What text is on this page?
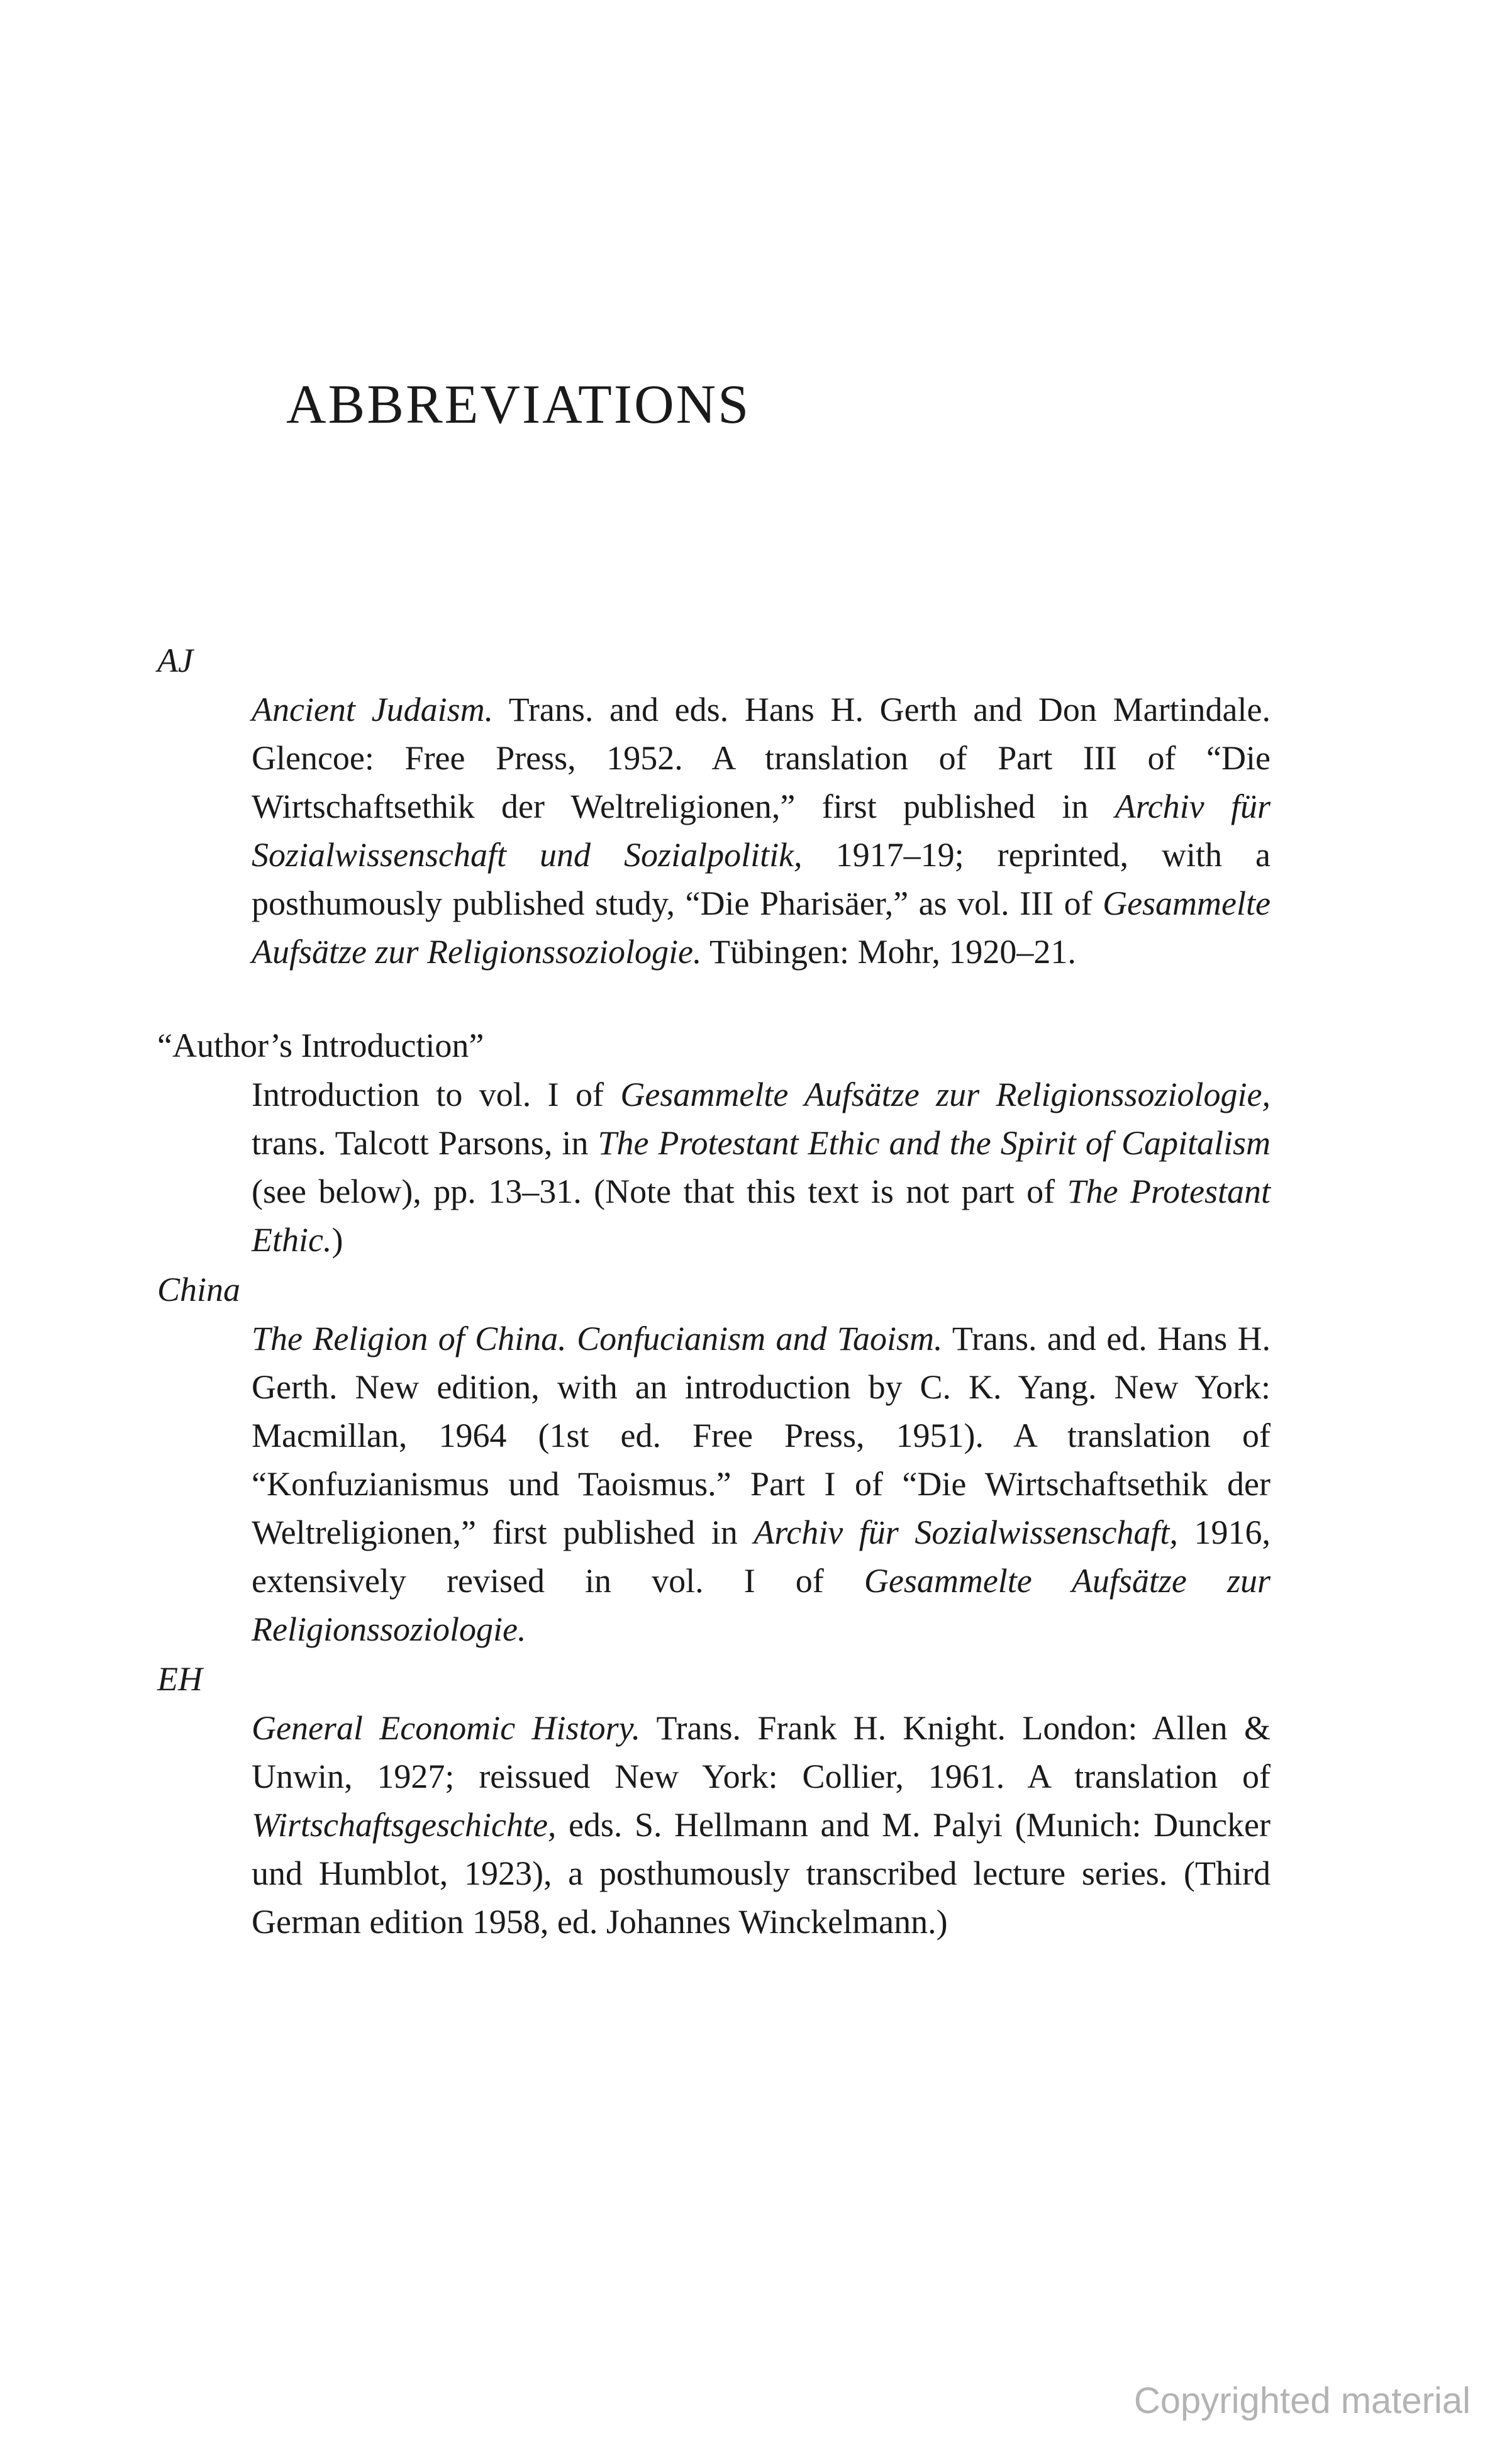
ABBREVIATIONS
AJ
Ancient Judaism. Trans. and eds. Hans H. Gerth and Don Martindale. Glencoe: Free Press, 1952. A translation of Part III of “Die Wirtschaftsethik der Weltreligionen,” first published in Archiv für Sozialwissenschaft und Sozialpolitik, 1917–19; reprinted, with a posthumously published study, “Die Pharisäer,” as vol. III of Gesammelte Aufsätze zur Religionssoziologie. Tübingen: Mohr, 1920–21.
“Author’s Introduction”
Introduction to vol. I of Gesammelte Aufsätze zur Religionssoziologie, trans. Talcott Parsons, in The Protestant Ethic and the Spirit of Capitalism (see below), pp. 13–31. (Note that this text is not part of The Protestant Ethic.)
China
The Religion of China. Confucianism and Taoism. Trans. and ed. Hans H. Gerth. New edition, with an introduction by C. K. Yang. New York: Macmillan, 1964 (1st ed. Free Press, 1951). A translation of “Konfuzianismus und Taoismus.” Part I of “Die Wirtschaftsethik der Weltreligionen,” first published in Archiv für Sozialwissenschaft, 1916, extensively revised in vol. I of Gesammelte Aufsätze zur Religionssoziologie.
EH
General Economic History. Trans. Frank H. Knight. London: Allen & Unwin, 1927; reissued New York: Collier, 1961. A translation of Wirtschaftsgeschichte, eds. S. Hellmann and M. Palyi (Munich: Duncker und Humblot, 1923), a posthumously transcribed lecture series. (Third German edition 1958, ed. Johannes Winckelmann.)
Copyrighted material
